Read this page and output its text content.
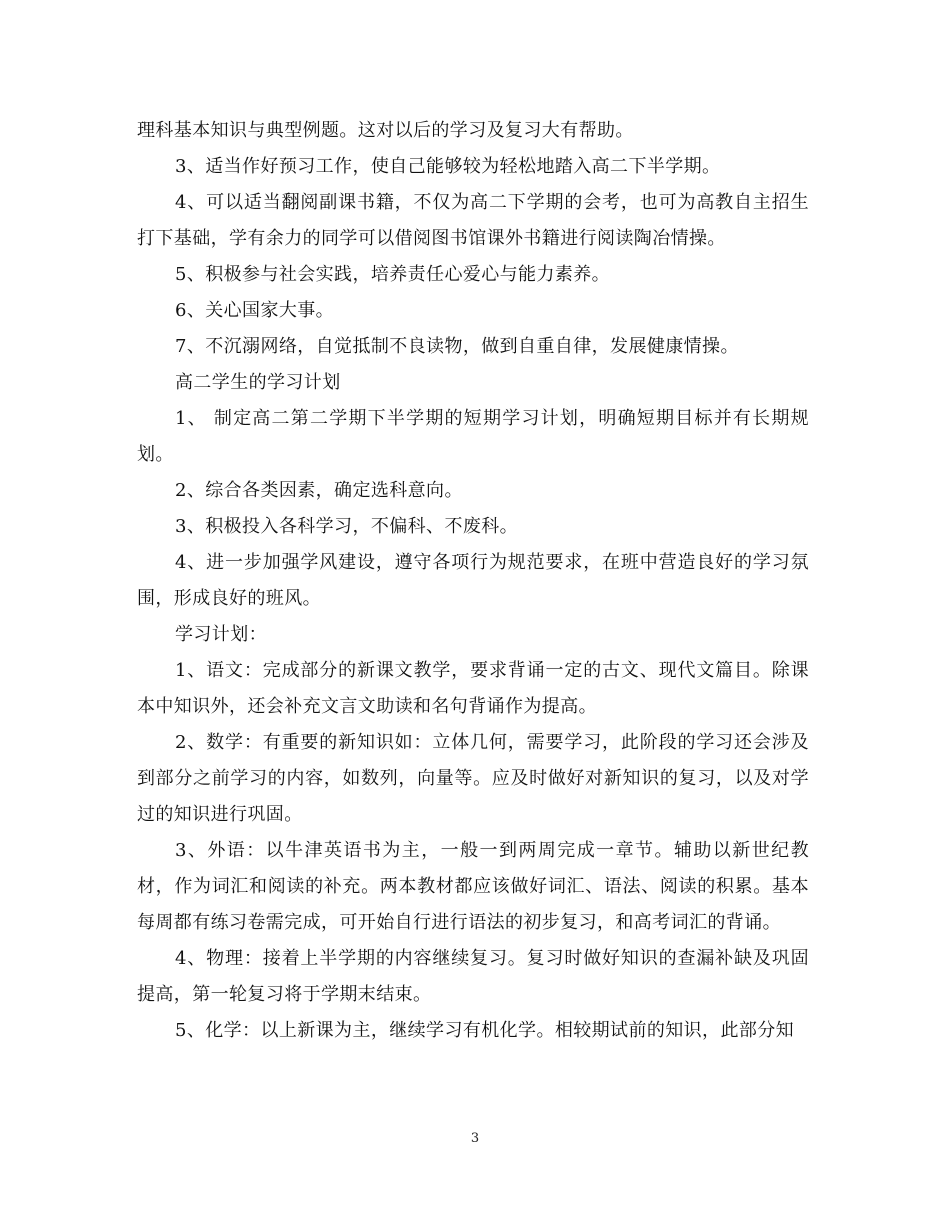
理科基本知识与典型例题。这对以后的学习及复习大有帮助。

3、适当作好预习工作，使自己能够较为轻松地踏入高二下半学期。

4、可以适当翻阅副课书籍，不仅为高二下学期的会考，也可为高教自主招生打下基础，学有余力的同学可以借阅图书馆课外书籍进行阅读陶冶情操。

5、积极参与社会实践，培养责任心爱心与能力素养。

6、关心国家大事。

7、不沉溺网络，自觉抵制不良读物，做到自重自律，发展健康情操。

高二学生的学习计划

1、 制定高二第二学期下半学期的短期学习计划，明确短期目标并有长期规划。

2、综合各类因素，确定选科意向。

3、积极投入各科学习，不偏科、不废科。

4、进一步加强学风建设，遵守各项行为规范要求，在班中营造良好的学习氛围，形成良好的班风。

学习计划：

1、语文：完成部分的新课文教学，要求背诵一定的古文、现代文篇目。除课本中知识外，还会补充文言文助读和名句背诵作为提高。

2、数学：有重要的新知识如：立体几何，需要学习，此阶段的学习还会涉及到部分之前学习的内容，如数列，向量等。应及时做好对新知识的复习，以及对学过的知识进行巩固。

3、外语：以牛津英语书为主，一般一到两周完成一章节。辅助以新世纪教材，作为词汇和阅读的补充。两本教材都应该做好词汇、语法、阅读的积累。基本每周都有练习卷需完成，可开始自行进行语法的初步复习，和高考词汇的背诵。

4、物理：接着上半学期的内容继续复习。复习时做好知识的查漏补缺及巩固提高，第一轮复习将于学期末结束。

5、化学：以上新课为主，继续学习有机化学。相较期试前的知识，此部分知

3
